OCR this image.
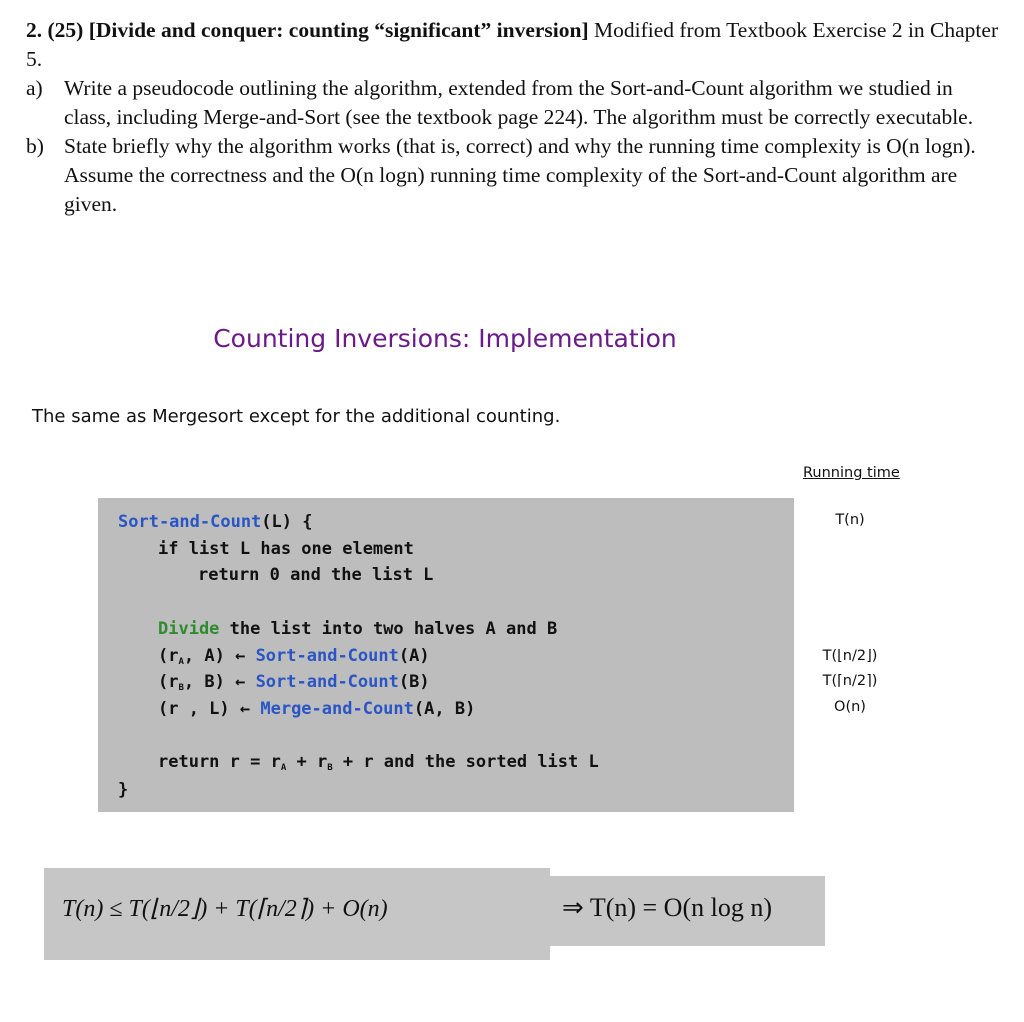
2. (25) [Divide and conquer: counting “significant” inversion] Modified from Textbook Exercise 2 in Chapter 5.

a) Write a pseudocode outlining the algorithm, extended from the Sort-and-Count algorithm we studied in class, including Merge-and-Sort (see the textbook page 224). The algorithm must be correctly executable.
b) State briefly why the algorithm works (that is, correct) and why the running time complexity is O(n logn). Assume the correctness and the O(n logn) running time complexity of the Sort-and-Count algorithm are given.
Counting Inversions: Implementation
The same as Mergesort except for the additional counting.
Running time
T(n)
T(⌊n/2⌋)
T(⌈n/2⌉)
O(n)
Sort-and-Count(L) {
if list L has one element
return 0 and the list L
Divide the list into two halves A and B
($r_A$, A) ← Sort-and-Count(A)
($r_B$, B) ← Sort-and-Count(B)
(r , L) ← Merge-and-Count(A, B)
return $r = r_A + r_B + r$ and the sorted list L
}
T(n) ≤ T(⌊n/2⌋) + T(⌈n/2⌉) + O(n)	⇒ T(n) = O(n log n)
